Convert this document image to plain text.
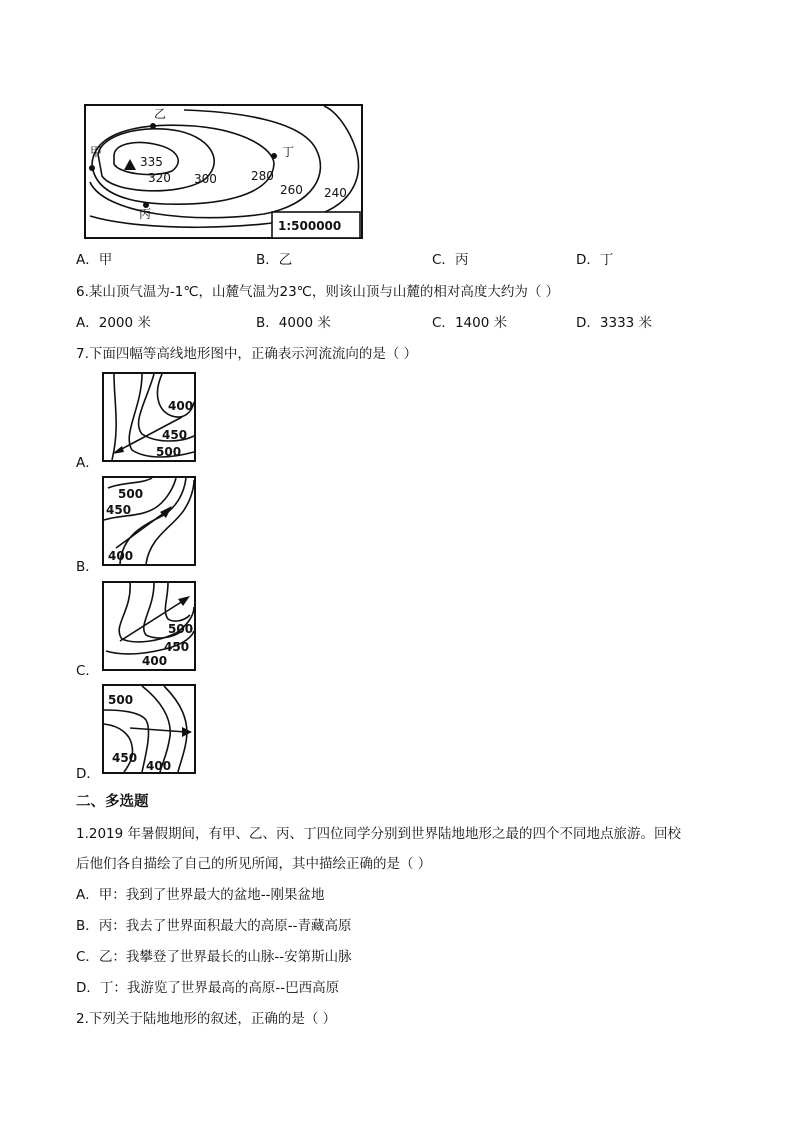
乙
甲	丁
丙
335
320 300	280
260 240
1:500000
A．甲	B．乙	C．丙	D．丁
6.某山顶气温为-1℃，山麓气温为23℃，则该山顶与山麓的相对高度大约为（ ）
A．2000 米	B．4000 米	C．1400 米	D．3333 米
7.下面四幅等高线地形图中，正确表示河流流向的是（ ）
400
450
500
A．
500
450
400
B．
500
450
400
C．
500
450
400
D．
二、多选题
1.2019 年暑假期间，有甲、乙、丙、丁四位同学分别到世界陆地地形之最的四个不同地点旅游。回校
后他们各自描绘了自己的所见所闻，其中描绘正确的是（ ）
A．甲：我到了世界最大的盆地--刚果盆地
B．丙：我去了世界面积最大的高原--青藏高原
C．乙：我攀登了世界最长的山脉--安第斯山脉
D．丁：我游览了世界最高的高原--巴西高原
2.下列关于陆地地形的叙述，正确的是（ ）
